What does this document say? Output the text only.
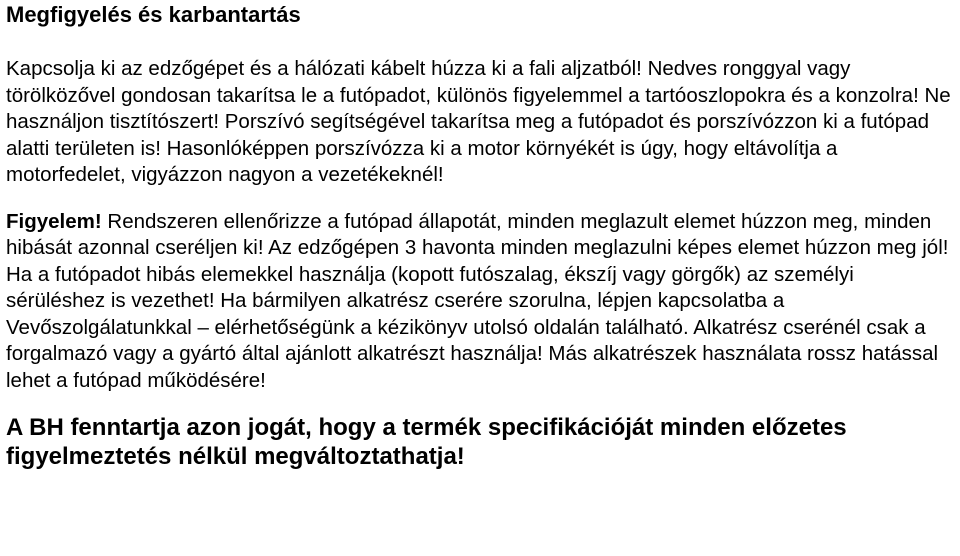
Megfigyelés és karbantartás

Kapcsolja ki az edzőgépet és a hálózati kábelt húzza ki a fali aljzatból! Nedves ronggyal vagy törölközővel gondosan takarítsa le a futópadot, különös figyelemmel a tartóoszlopokra és a konzolra! Ne használjon tisztítószert! Porszívó segítségével takarítsa meg a futópadot és porszívózzon ki a futópad alatti területen is! Hasonlóképpen porszívózza ki a motor környékét is úgy, hogy eltávolítja a motorfedelet, vigyázzon nagyon a vezetékeknél!

Figyelem! Rendszeren ellenőrizze a futópad állapotát, minden meglazult elemet húzzon meg, minden hibását azonnal cseréljen ki! Az edzőgépen 3 havonta minden meglazulni képes elemet húzzon meg jól! Ha a futópadot hibás elemekkel használja (kopott futószalag, ékszíj vagy görgők) az személyi sérüléshez is vezethet! Ha bármilyen alkatrész cserére szorulna, lépjen kapcsolatba a Vevőszolgálatunkkal – elérhetőségünk a kézikönyv utolsó oldalán található. Alkatrész cserénél csak a forgalmazó vagy a gyártó által ajánlott alkatrészt használja! Más alkatrészek használata rossz hatással lehet a futópad működésére!

A BH fenntartja azon jogát, hogy a termék specifikációját minden előzetes figyelmeztetés nélkül megváltoztathatja!
